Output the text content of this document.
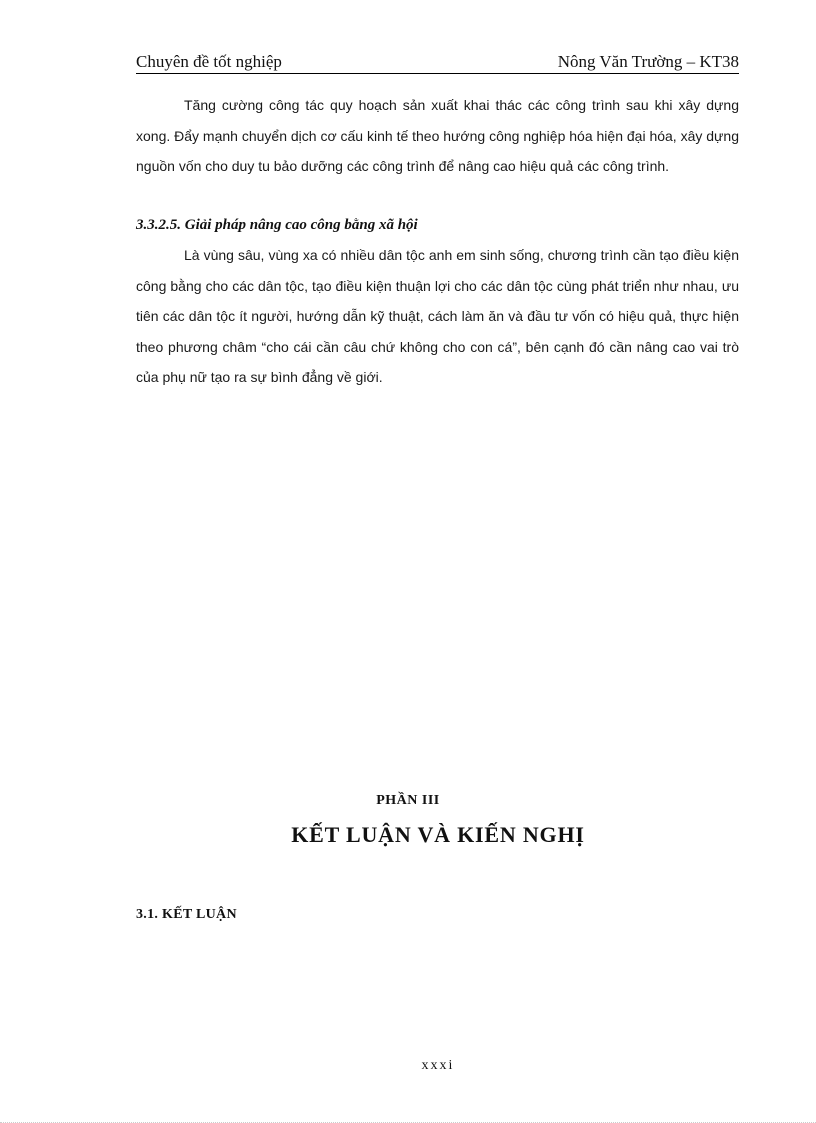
Chuyên đề tốt nghiệp	Nông Văn Trường – KT38
Tăng cường công tác quy hoạch sản xuất khai thác các công trình sau khi xây dựng xong. Đẩy mạnh chuyển dịch cơ cấu kinh tế theo hướng công nghiệp hóa hiện đại hóa, xây dựng nguồn vốn cho duy tu bảo dưỡng các công trình để nâng cao hiệu quả các công trình.
3.3.2.5. Giải pháp nâng cao công bằng xã hội
Là vùng sâu, vùng xa có nhiều dân tộc anh em sinh sống, chương trình cần tạo điều kiện công bằng cho các dân tộc, tạo điều kiện thuận lợi cho các dân tộc cùng phát triển như nhau, ưu tiên các dân tộc ít người, hướng dẫn kỹ thuật, cách làm ăn và đầu tư vốn có hiệu quả, thực hiện theo phương châm “cho cái cần câu chứ không cho con cá”, bên cạnh đó cần nâng cao vai trò của phụ nữ tạo ra sự bình đẳng về giới.
PHẦN III
KẾT LUẬN VÀ KIẾN NGHỊ
3.1. KẾT LUẬN
xxxi
